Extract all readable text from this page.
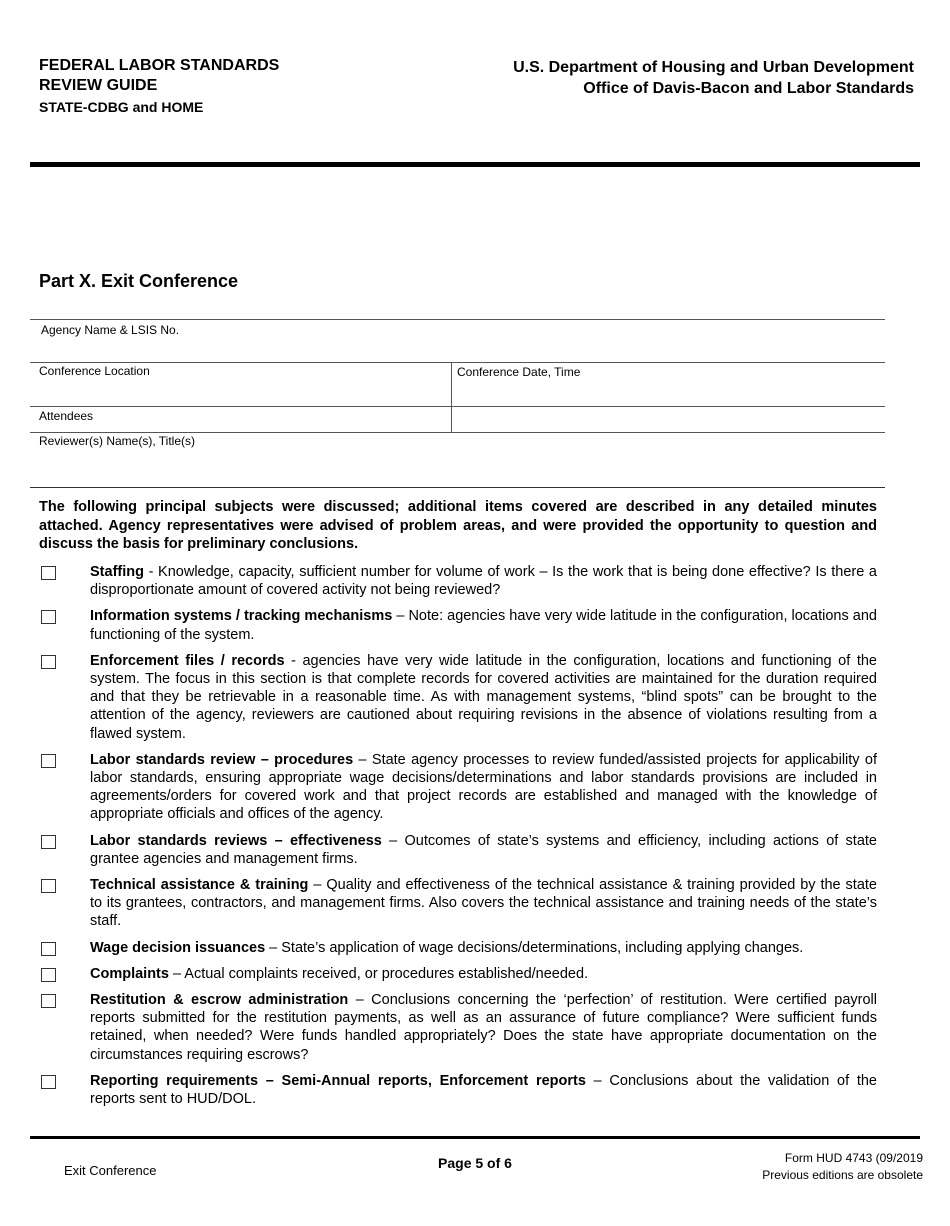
FEDERAL LABOR STANDARDS
REVIEW GUIDE
STATE-CDBG and HOME
U.S. Department of Housing and Urban Development
Office of Davis-Bacon and Labor Standards
Part X. Exit Conference
Agency Name & LSIS No.
Conference Location	Conference Date, Time
Attendees
Reviewer(s) Name(s), Title(s)
The following principal subjects were discussed; additional items covered are described in any detailed minutes attached. Agency representatives were advised of problem areas, and were provided the opportunity to question and discuss the basis for preliminary conclusions.
Staffing - Knowledge, capacity, sufficient number for volume of work – Is the work that is being done effective? Is there a disproportionate amount of covered activity not being reviewed?
Information systems / tracking mechanisms – Note: agencies have very wide latitude in the configuration, locations and functioning of the system.
Enforcement files / records - agencies have very wide latitude in the configuration, locations and functioning of the system. The focus in this section is that complete records for covered activities are maintained for the duration required and that they be retrievable in a reasonable time. As with management systems, “blind spots” can be brought to the attention of the agency, reviewers are cautioned about requiring revisions in the absence of violations resulting from a flawed system.
Labor standards review – procedures – State agency processes to review funded/assisted projects for applicability of labor standards, ensuring appropriate wage decisions/determinations and labor standards provisions are included in agreements/orders for covered work and that project records are established and managed with the knowledge of appropriate officials and offices of the agency.
Labor standards reviews – effectiveness – Outcomes of state’s systems and efficiency, including actions of state grantee agencies and management firms.
Technical assistance & training – Quality and effectiveness of the technical assistance & training provided by the state to its grantees, contractors, and management firms. Also covers the technical assistance and training needs of the state’s staff.
Wage decision issuances – State’s application of wage decisions/determinations, including applying changes.
Complaints – Actual complaints received, or procedures established/needed.
Restitution & escrow administration – Conclusions concerning the ‘perfection’ of restitution. Were certified payroll reports submitted for the restitution payments, as well as an assurance of future compliance? Were sufficient funds retained, when needed? Were funds handled appropriately? Does the state have appropriate documentation on the circumstances requiring escrows?
Reporting requirements – Semi-Annual reports, Enforcement reports – Conclusions about the validation of the reports sent to HUD/DOL.
Exit Conference	Page 5 of 6	Form HUD 4743 (09/2019
Previous editions are obsolete
